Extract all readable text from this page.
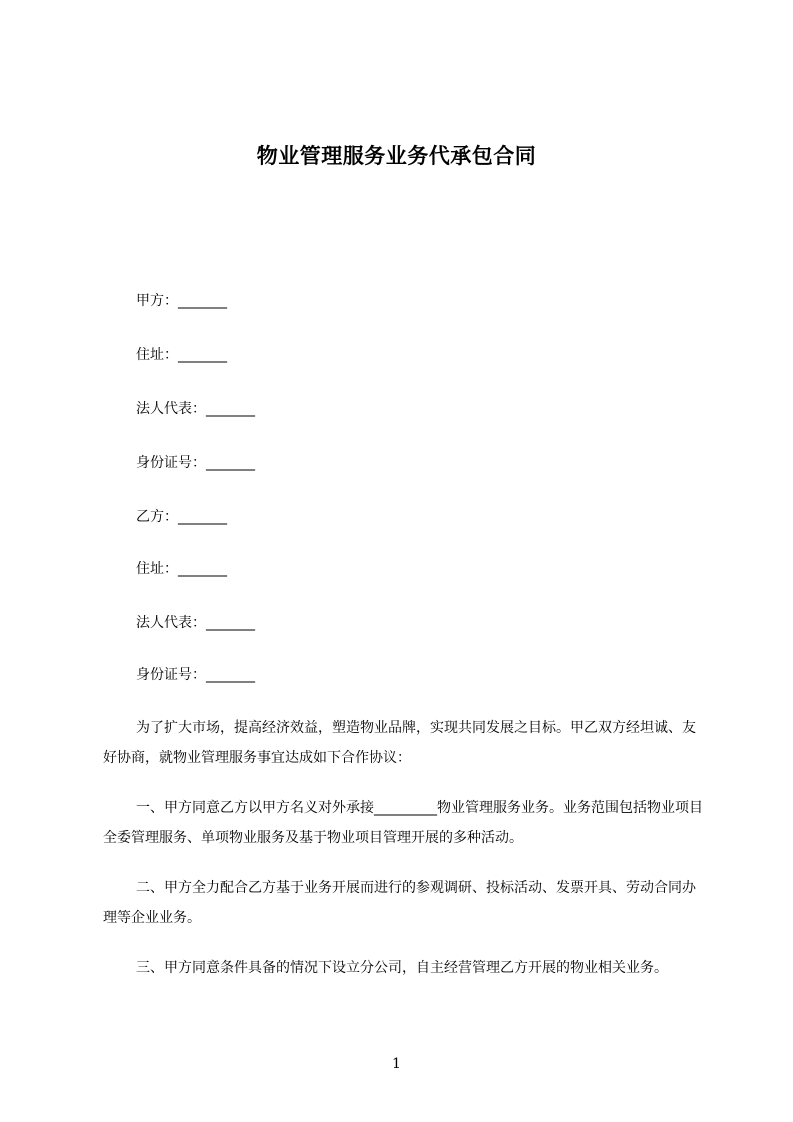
物业管理服务业务代承包合同
甲方：_______
住址：_______
法人代表：_______
身份证号：_______
乙方：_______
住址：_______
法人代表：_______
身份证号：_______
为了扩大市场，提高经济效益，塑造物业品牌，实现共同发展之目标。甲乙双方经坦诚、友好协商，就物业管理服务事宜达成如下合作协议：
一、甲方同意乙方以甲方名义对外承接_________物业管理服务业务。业务范围包括物业项目全委管理服务、单项物业服务及基于物业项目管理开展的多种活动。
二、甲方全力配合乙方基于业务开展而进行的参观调研、投标活动、发票开具、劳动合同办理等企业业务。
三、甲方同意条件具备的情况下设立分公司，自主经营管理乙方开展的物业相关业务。
1
